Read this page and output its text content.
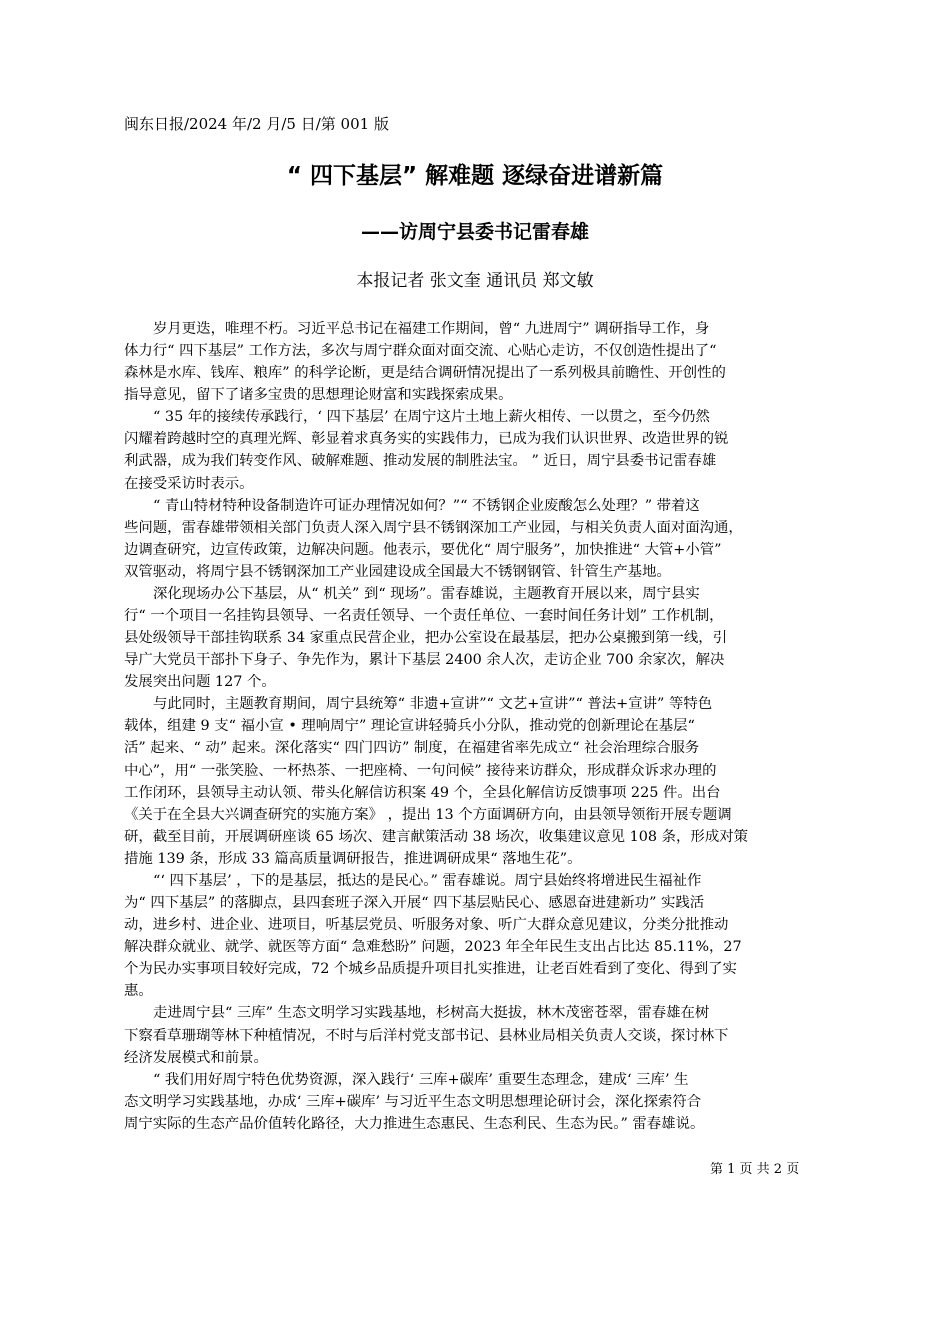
闽东日报/2024 年/2 月/5 日/第 001 版
“ 四下基层” 解难题 逐绿奋进谱新篇
——访周宁县委书记雷春雄
本报记者 张文奎 通讯员 郑文敏
岁月更迭，唯理不朽。习近平总书记在福建工作期间，曾“ 九进周宁” 调研指导工作，身
体力行“ 四下基层” 工作方法，多次与周宁群众面对面交流、心贴心走访，不仅创造性提出了“
森林是水库、钱库、粮库” 的科学论断，更是结合调研情况提出了一系列极具前瞻性、开创性的
指导意见，留下了诸多宝贵的思想理论财富和实践探索成果。
“ 35 年的接续传承践行，‘ 四下基层’ 在周宁这片土地上薪火相传、一以贯之，至今仍然
闪耀着跨越时空的真理光辉、彰显着求真务实的实践伟力，已成为我们认识世界、改造世界的锐
利武器，成为我们转变作风、破解难题、推动发展的制胜法宝。 ” 近日，周宁县委书记雷春雄
在接受采访时表示。
“ 青山特材特种设备制造许可证办理情况如何？”“ 不锈钢企业废酸怎么处理？” 带着这
些问题，雷春雄带领相关部门负责人深入周宁县不锈钢深加工产业园，与相关负责人面对面沟通，
边调查研究，边宣传政策，边解决问题。他表示，要优化“ 周宁服务”，加快推进“ 大管+小管”
双管驱动，将周宁县不锈钢深加工产业园建设成全国最大不锈钢钢管、针管生产基地。
深化现场办公下基层，从“ 机关” 到“ 现场”。雷春雄说，主题教育开展以来，周宁县实
行“ 一个项目一名挂钩县领导、一名责任领导、一个责任单位、一套时间任务计划” 工作机制，
县处级领导干部挂钩联系 34 家重点民营企业，把办公室设在最基层，把办公桌搬到第一线，引
导广大党员干部扑下身子、争先作为，累计下基层 2400 余人次，走访企业 700 余家次，解决
发展突出问题 127 个。
与此同时，主题教育期间，周宁县统筹“ 非遗+宣讲”“ 文艺+宣讲”“ 普法+宣讲” 等特色
载体，组建 9 支“ 福小宣 • 理响周宁” 理论宣讲轻骑兵小分队，推动党的创新理论在基层“
活” 起来、“ 动” 起来。深化落实“ 四门四访” 制度，在福建省率先成立“ 社会治理综合服务
中心”，用“ 一张笑脸、一杯热茶、一把座椅、一句问候” 接待来访群众，形成群众诉求办理的
工作闭环，县领导主动认领、带头化解信访积案 49 个，全县化解信访反馈事项 225 件。出台
《关于在全县大兴调查研究的实施方案》 ，提出 13 个方面调研方向，由县领导领衔开展专题调
研，截至目前，开展调研座谈 65 场次、建言献策活动 38 场次，收集建议意见 108 条，形成对策
措施 139 条，形成 33 篇高质量调研报告，推进调研成果“ 落地生花”。
“‘ 四下基层’ ，下的是基层，抵达的是民心。” 雷春雄说。周宁县始终将增进民生福祉作
为“ 四下基层” 的落脚点，县四套班子深入开展“ 四下基层贴民心、感恩奋进建新功” 实践活
动，进乡村、进企业、进项目，听基层党员、听服务对象、听广大群众意见建议，分类分批推动
解决群众就业、就学、就医等方面“ 急难愁盼” 问题，2023 年全年民生支出占比达 85.11%，27
个为民办实事项目较好完成，72 个城乡品质提升项目扎实推进，让老百姓看到了变化、得到了实
惠。
走进周宁县“ 三库” 生态文明学习实践基地，杉树高大挺拔，林木茂密苍翠，雷春雄在树
下察看草珊瑚等林下种植情况，不时与后洋村党支部书记、县林业局相关负责人交谈，探讨林下
经济发展模式和前景。
“ 我们用好周宁特色优势资源，深入践行‘ 三库+碳库’ 重要生态理念，建成‘ 三库’ 生
态文明学习实践基地，办成‘ 三库+碳库’ 与习近平生态文明思想理论研讨会，深化探索符合
周宁实际的生态产品价值转化路径，大力推进生态惠民、生态利民、生态为民。” 雷春雄说。
第 1 页 共 2 页
